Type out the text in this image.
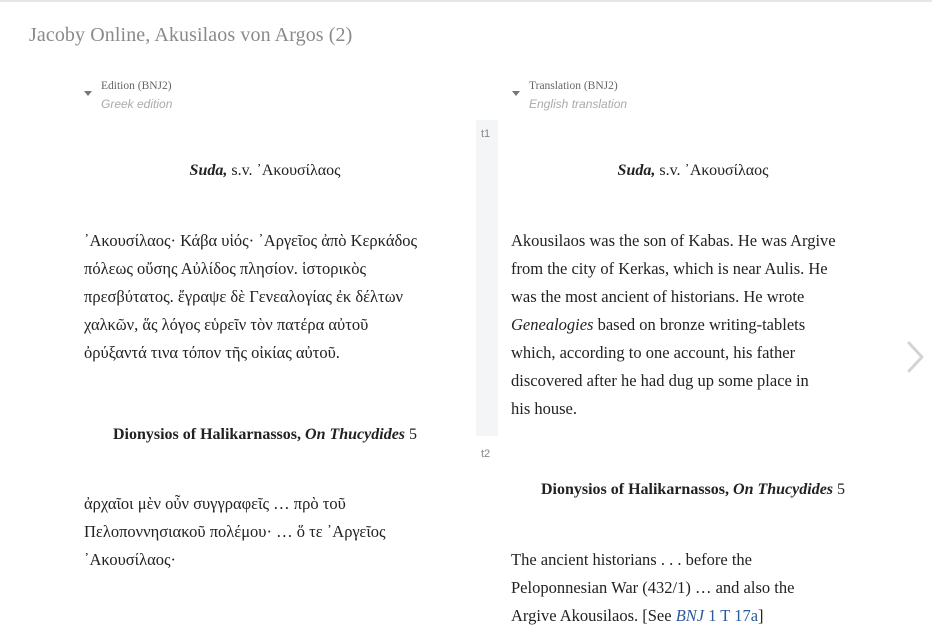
Jacoby Online, Akusilaos von Argos (2)
Edition (BNJ2)
Greek edition
Translation (BNJ2)
English translation
t1
t2
Suda, s.v. ᾿Ακουσίλαος
᾿Ακουσίλαος· Κάβα υἱός· ᾿Αργεῖος ἀπὸ Κερκάδος
πόλεως οὔσης Αὐλίδος πλησίον. ἱστορικὸς
πρεσβύτατος. ἔγραψε δὲ Γενεαλογίας ἐκ δέλτων
χαλκῶν, ἅς λόγος εὑρεῖν τὸν πατέρα αὐτοῦ
ὀρύξαντά τινα τόπον τῆς οἰκίας αὐτοῦ.
Dionysios of Halikarnassos, On Thucydides 5
ἀρχαῖοι μὲν οὖν συγγραφεῖς … πρὸ τοῦ
Πελοποννησιακοῦ πολέμου· … ὅ τε ᾿Αργεῖος
᾿Ακουσίλαος·
Suda, s.v. ᾿Ακουσίλαος
Akousilaos was the son of Kabas. He was Argive
from the city of Kerkas, which is near Aulis. He
was the most ancient of historians. He wrote
Genealogies based on bronze writing-tablets
which, according to one account, his father
discovered after he had dug up some place in
his house.
Dionysios of Halikarnassos, On Thucydides 5
The ancient historians . . . before the
Peloponnesian War (432/1) … and also the
Argive Akousilaos. [See BNJ 1 T 17a]
